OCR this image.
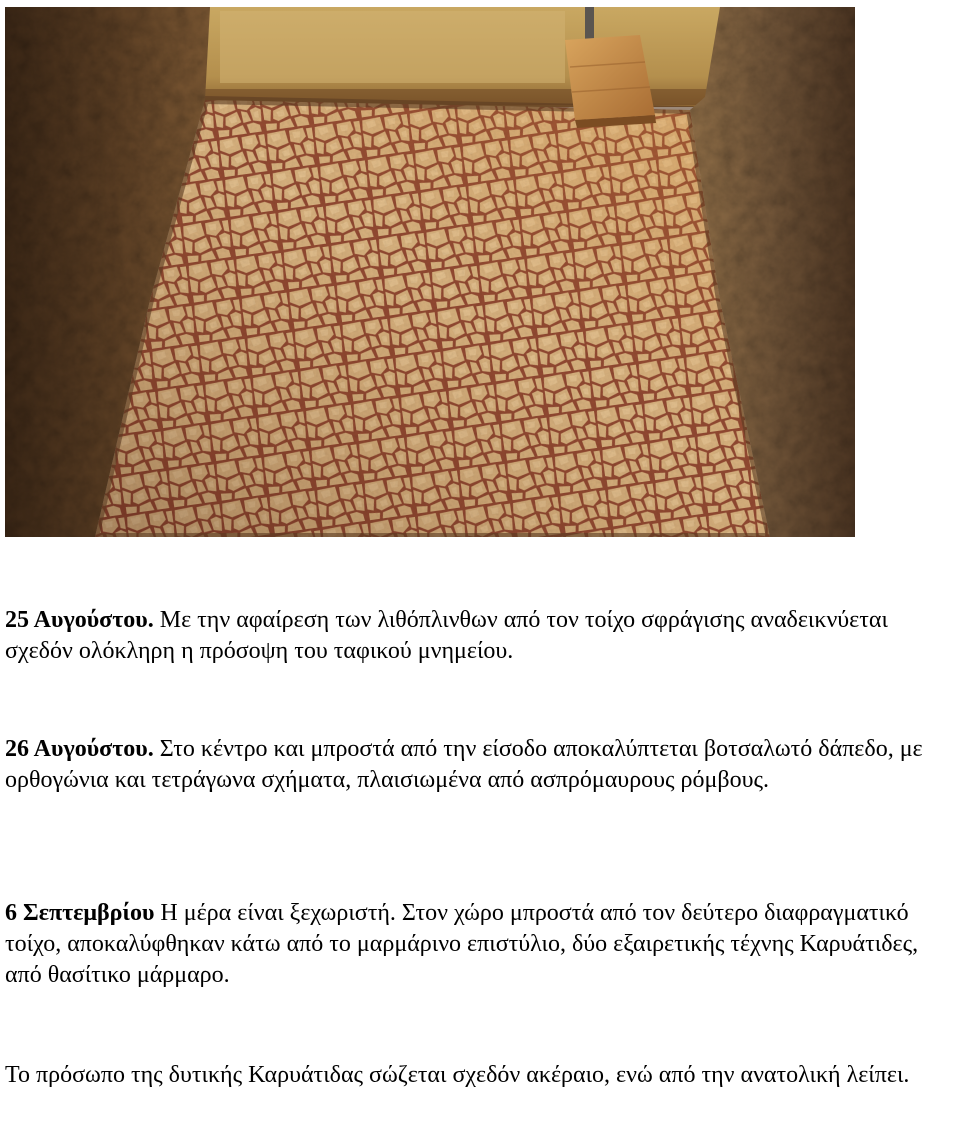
25 Αυγούστου. Με την αφαίρεση των λιθόπλινθων από τον τοίχο σφράγισης αναδεικνύεται σχεδόν ολόκληρη η πρόσοψη του ταφικού μνημείου.

26 Αυγούστου. Στο κέντρο και μπροστά από την είσοδο αποκαλύπτεται βοτσαλωτό δάπεδο, με ορθογώνια και τετράγωνα σχήματα, πλαισιωμένα από ασπρόμαυρους ρόμβους.

6 Σεπτεμβρίου Η μέρα είναι ξεχωριστή. Στον χώρο μπροστά από τον δεύτερο διαφραγματικό τοίχο, αποκαλύφθηκαν κάτω από το μαρμάρινο επιστύλιο, δύο εξαιρετικής τέχνης Καρυάτιδες, από θασίτικο μάρμαρο.

Το πρόσωπο της δυτικής Καρυάτιδας σώζεται σχεδόν ακέραιο, ενώ από την ανατολική λείπει.
